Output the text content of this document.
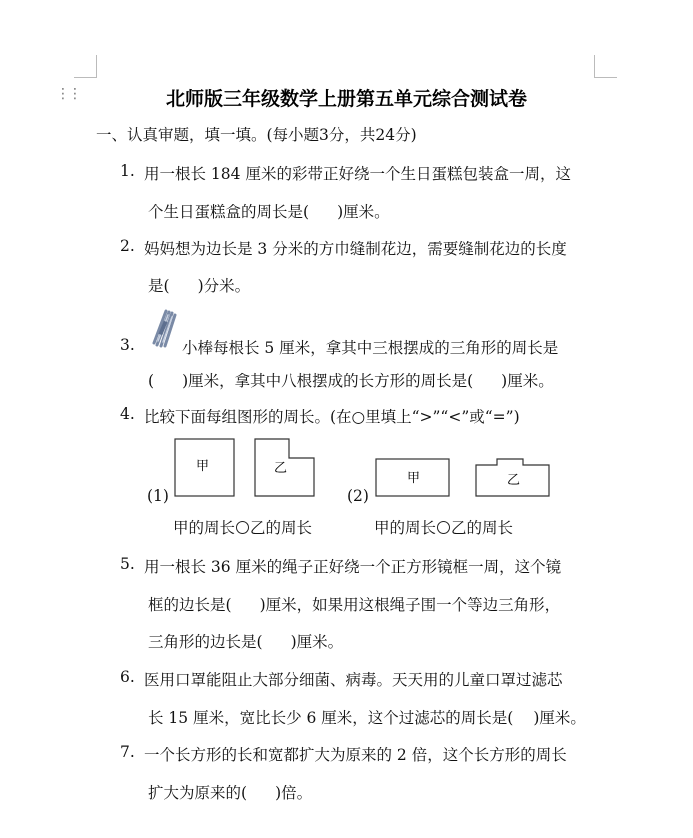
⋮⋮	北师版三年级数学上册第五单元综合测试卷
一、认真审题，填一填。(每小题3分，共24分)
1. 用一根长 184 厘米的彩带正好绕一个生日蛋糕包装盒一周，这
个生日蛋糕盒的周长是( )厘米。
2. 妈妈想为边长是 3 分米的方巾缝制花边，需要缝制花边的长度
是( )分米。
3.	小棒每根长 5 厘米，拿其中三根摆成的三角形的周长是
( )厘米，拿其中八根摆成的长方形的周长是( )厘米。
4. 比较下面每组图形的周长。(在○里填上“>”“<”或“=”)
(1)
甲	乙
(2)
甲	乙
甲的周长 乙的周长	甲的周长 乙的周长
5. 用一根长 36 厘米的绳子正好绕一个正方形镜框一周，这个镜
框的边长是( )厘米，如果用这根绳子围一个等边三角形，
三角形的边长是( )厘米。
6. 医用口罩能阻止大部分细菌、病毒。天天用的儿童口罩过滤芯
长 15 厘米，宽比长少 6 厘米，这个过滤芯的周长是( )厘米。
7. 一个长方形的长和宽都扩大为原来的 2 倍，这个长方形的周长
扩大为原来的( )倍。
